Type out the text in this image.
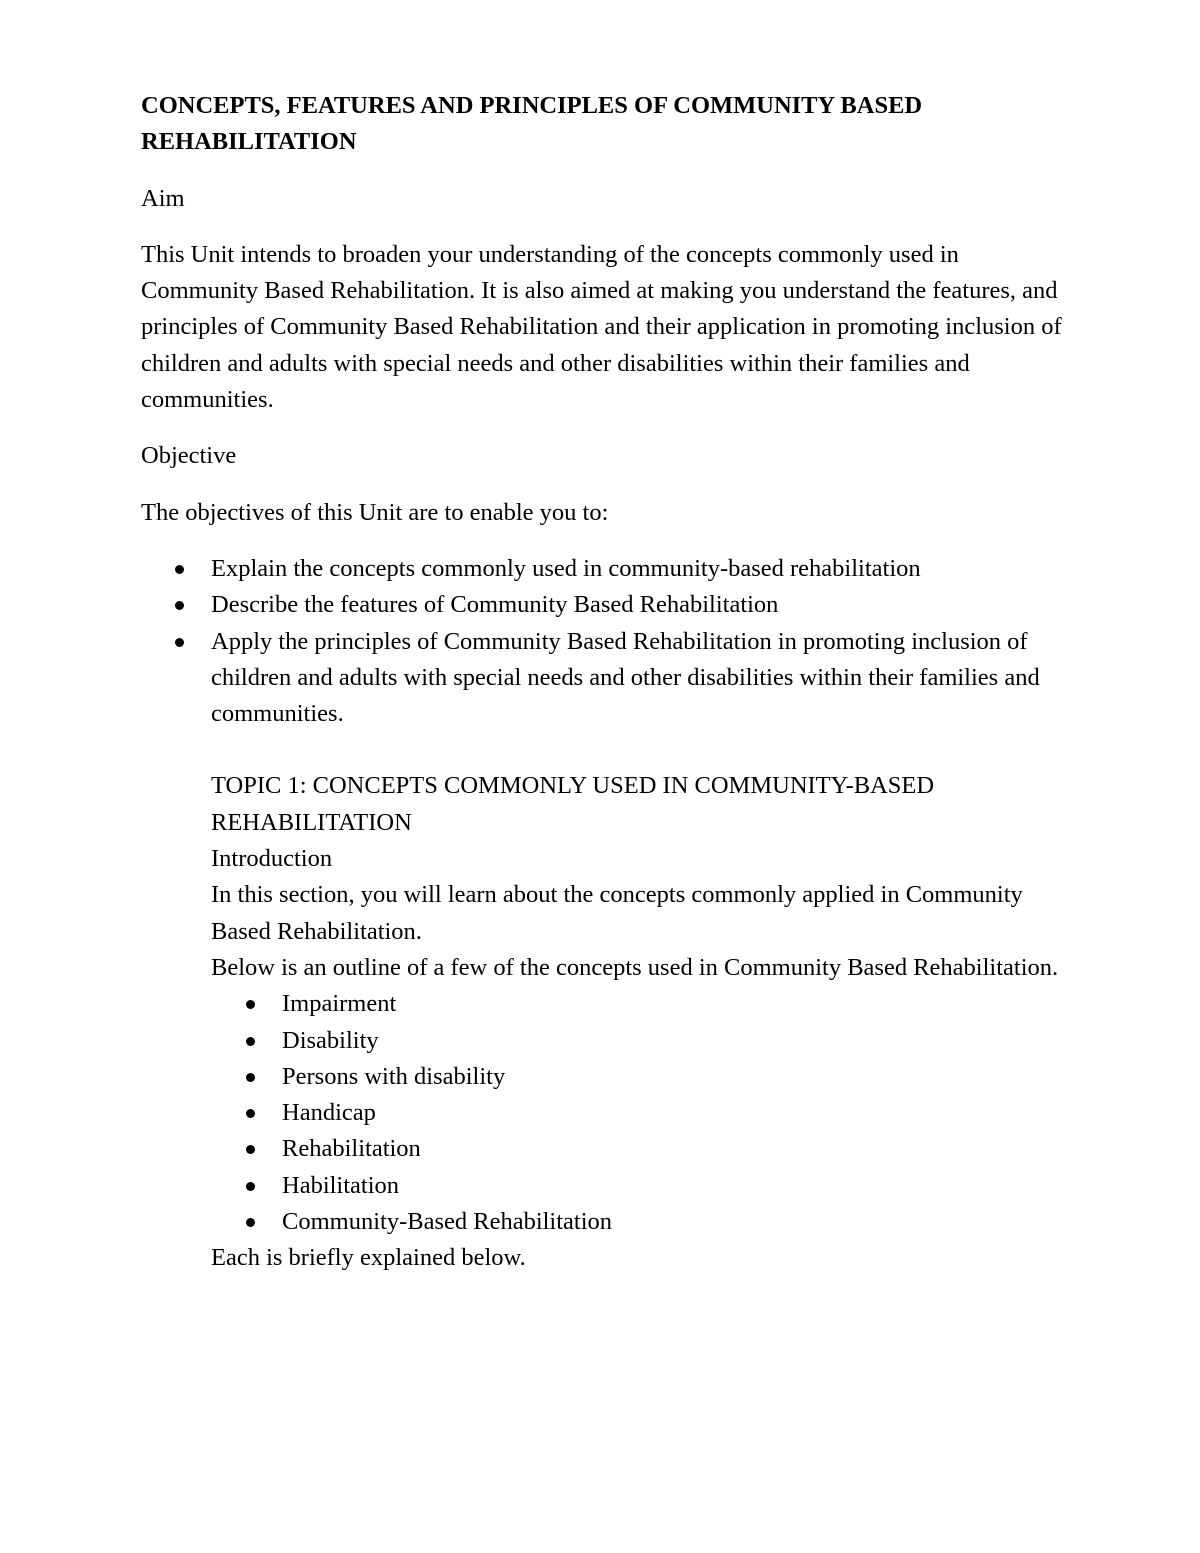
CONCEPTS, FEATURES AND PRINCIPLES OF COMMUNITY BASED REHABILITATION

Aim

This Unit intends to broaden your understanding of the concepts commonly used in Community Based Rehabilitation. It is also aimed at making you understand the features, and principles of Community Based Rehabilitation and their application in promoting inclusion of children and adults with special needs and other disabilities within their families and communities.

Objective

The objectives of this Unit are to enable you to:

Explain the concepts commonly used in community-based rehabilitation
Describe the features of Community Based Rehabilitation
Apply the principles of Community Based Rehabilitation in promoting inclusion of children and adults with special needs and other disabilities within their families and communities.

TOPIC 1: CONCEPTS COMMONLY USED IN COMMUNITY-BASED REHABILITATION

Introduction

In this section, you will learn about the concepts commonly applied in Community Based Rehabilitation.

Below is an outline of a few of the concepts used in Community Based Rehabilitation.

Impairment
Disability
Persons with disability
Handicap
Rehabilitation
Habilitation
Community-Based Rehabilitation

Each is briefly explained below.
